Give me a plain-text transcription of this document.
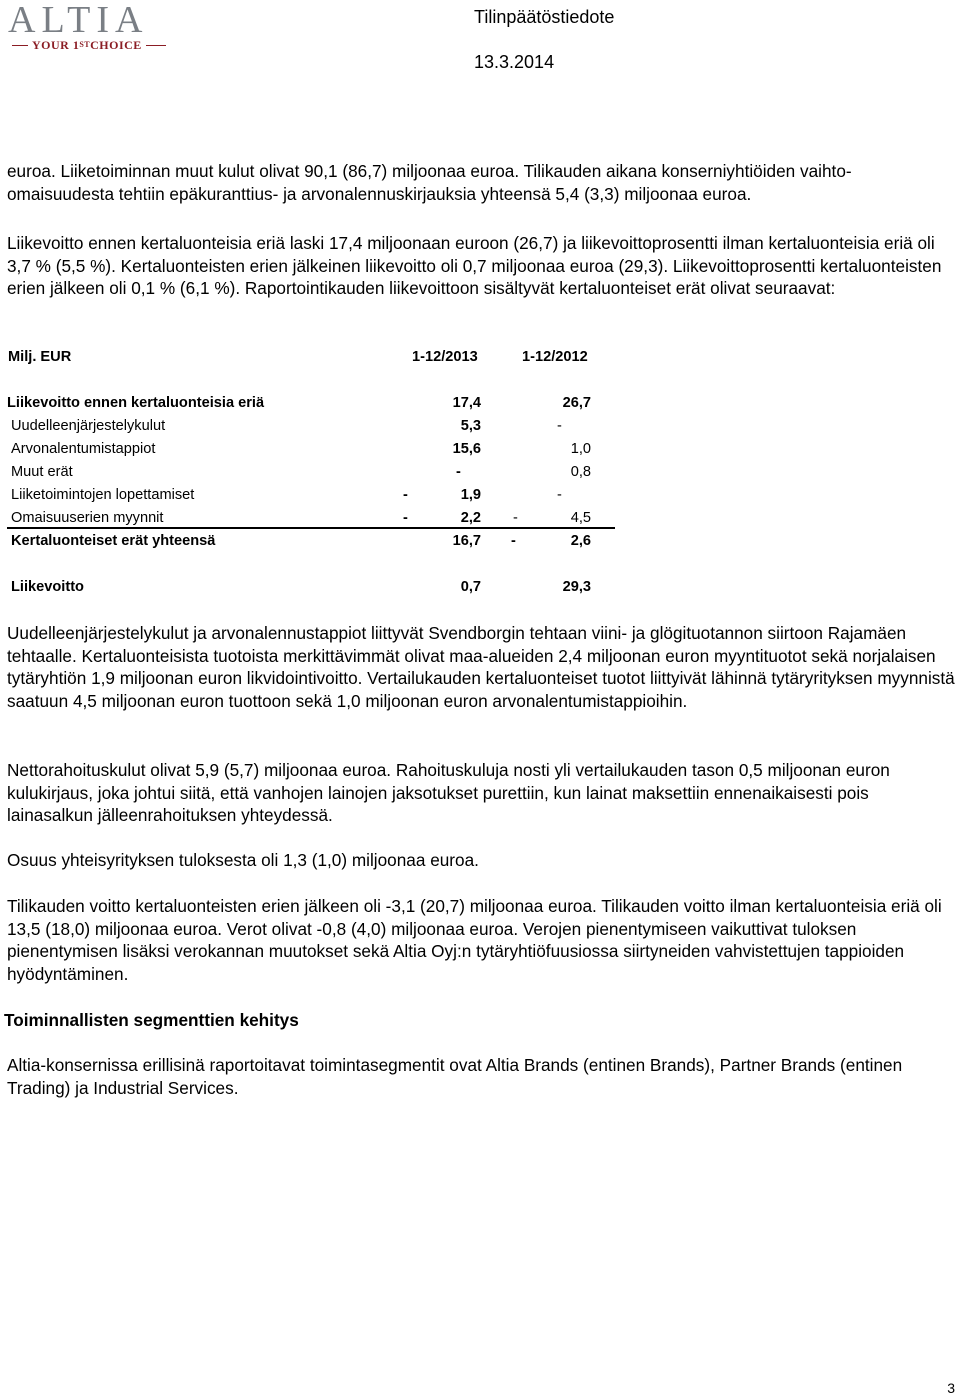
ALTIA
YOUR 1 ST CHOICE
Tilinpäätöstiedote
13.3.2014

euroa. Liiketoiminnan muut kulut olivat 90,1 (86,7) miljoonaa euroa. Tilikauden aikana konserniyhtiöiden vaihto-omaisuudesta tehtiin epäkuranttius- ja arvonalennuskirjauksia yhteensä 5,4 (3,3) miljoonaa euroa.

Liikevoitto ennen kertaluonteisia eriä laski 17,4 miljoonaan euroon (26,7) ja liikevoittoprosentti ilman kertaluonteisia eriä oli 3,7 % (5,5 %). Kertaluonteisten erien jälkeinen liikevoitto oli 0,7 miljoonaa euroa (29,3). Liikevoittoprosentti kertaluonteisten erien jälkeen oli 0,1 % (6,1 %). Raportointikauden liikevoittoon sisältyvät kertaluonteiset erät olivat seuraavat:

Milj. EUR	1-12/2013	1-12/2012
Liikevoitto ennen kertaluonteisia eriä	17,4	26,7
Uudelleenjärjestelykulut	5,3	-
Arvonalentumistappiot	15,6	1,0
Muut erät	-	0,8
Liiketoimintojen lopettamiset	-	1,9	-
Omaisuuserien myynnit	-	2,2 -	4,5
Kertaluonteiset erät yhteensä	16,7 -	2,6
Liikevoitto	0,7	29,3

Uudelleenjärjestelykulut ja arvonalennustappiot liittyvät Svendborgin tehtaan viini- ja glögituotannon siirtoon Rajamäen tehtaalle. Kertaluonteisista tuotoista merkittävimmät olivat maa-alueiden 2,4 miljoonan euron myyntituotot sekä norjalaisen tytäryhtiön 1,9 miljoonan euron likvidointivoitto. Vertailukauden kertaluonteiset tuotot liittyivät lähinnä tytäryrityksen myynnistä saatuun 4,5 miljoonan euron tuottoon sekä 1,0 miljoonan euron arvonalentumistappioihin.

Nettorahoituskulut olivat 5,9 (5,7) miljoonaa euroa. Rahoituskuluja nosti yli vertailukauden tason 0,5 miljoonan euron kulukirjaus, joka johtui siitä, että vanhojen lainojen jaksotukset purettiin, kun lainat maksettiin ennenaikaisesti pois lainasalkun jälleenrahoituksen yhteydessä.

Osuus yhteisyrityksen tuloksesta oli 1,3 (1,0) miljoonaa euroa.

Tilikauden voitto kertaluonteisten erien jälkeen oli -3,1 (20,7) miljoonaa euroa. Tilikauden voitto ilman kertaluonteisia eriä oli 13,5 (18,0) miljoonaa euroa. Verot olivat -0,8 (4,0) miljoonaa euroa. Verojen pienentymiseen vaikuttivat tuloksen pienentymisen lisäksi verokannan muutokset sekä Altia Oyj:n tytäryhtiöfuusiossa siirtyneiden vahvistettujen tappioiden hyödyntäminen.

Toiminnallisten segmenttien kehitys

Altia-konsernissa erillisinä raportoitavat toimintasegmentit ovat Altia Brands (entinen Brands), Partner Brands (entinen Trading) ja Industrial Services.

3
